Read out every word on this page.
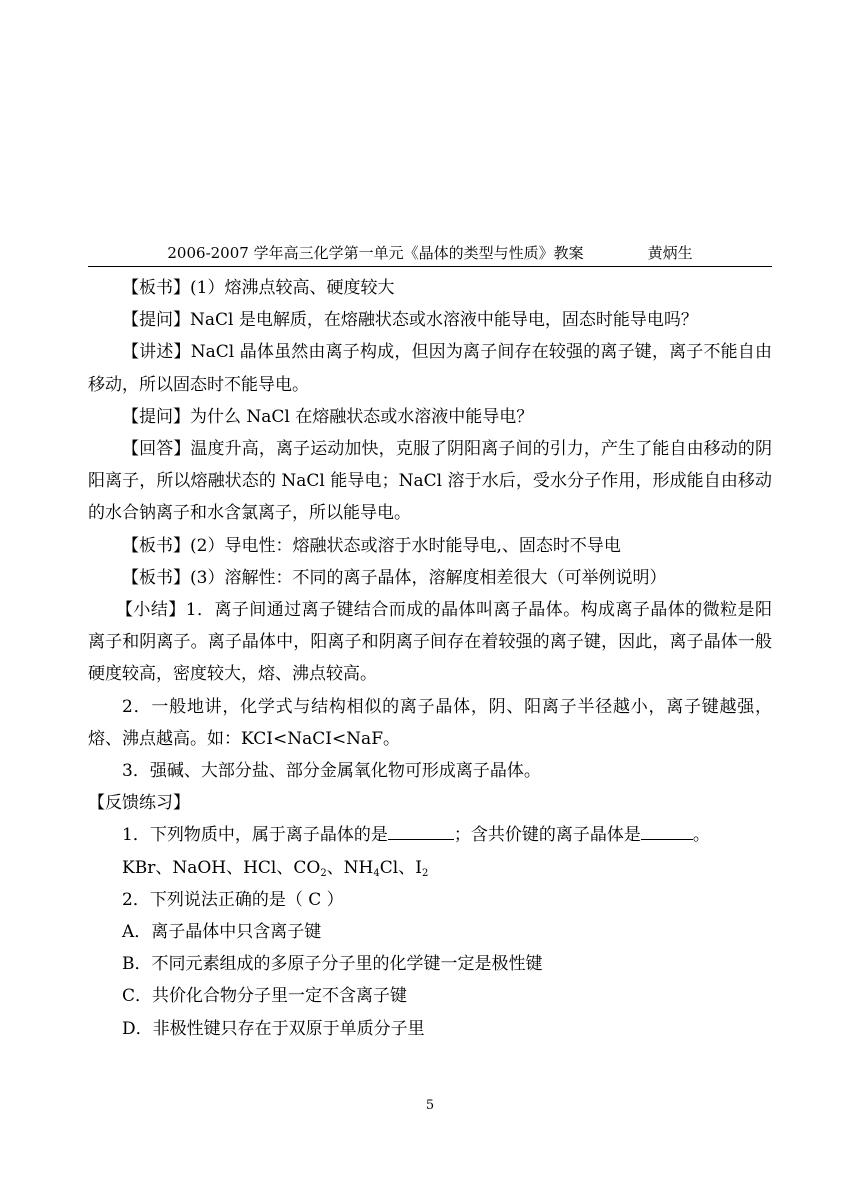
2006-2007 学年高三化学第一单元《晶体的类型与性质》教案	黄炳生

【板书】(1）熔沸点较高、硬度较大

【提问】NaCl 是电解质，在熔融状态或水溶液中能导电，固态时能导电吗？

【讲述】NaCl 晶体虽然由离子构成，但因为离子间存在较强的离子键，离子不能自由移动，所以固态时不能导电。

【提问】为什么 NaCl 在熔融状态或水溶液中能导电？

【回答】温度升高，离子运动加快，克服了阴阳离子间的引力，产生了能自由移动的阴阳离子，所以熔融状态的 NaCl 能导电；NaCl 溶于水后，受水分子作用，形成能自由移动的水合钠离子和水含氯离子，所以能导电。

【板书】(2）导电性：熔融状态或溶于水时能导电,、固态时不导电

【板书】(3）溶解性：不同的离子晶体，溶解度相差很大（可举例说明）

【小结】1．离子间通过离子键结合而成的晶体叫离子晶体。构成离子晶体的微粒是阳离子和阴离子。离子晶体中，阳离子和阴离子间存在着较强的离子键，因此，离子晶体一般硬度较高，密度较大，熔、沸点较高。

2．一般地讲，化学式与结构相似的离子晶体，阴、阳离子半径越小，离子键越强，熔、沸点越高。如：KCI<NaCI<NaF。

3．强碱、大部分盐、部分金属氧化物可形成离子晶体。

【反馈练习】

1．下列物质中，属于离子晶体的是	；含共价键的离子晶体是	。

KBr、NaOH、HCl、$CO_2$、$NH_4Cl$、$I_2$

2．下列说法正确的是（ C ）

A．离子晶体中只含离子键

B．不同元素组成的多原子分子里的化学键一定是极性键

C．共价化合物分子里一定不含离子键

D．非极性键只存在于双原于单质分子里

5
